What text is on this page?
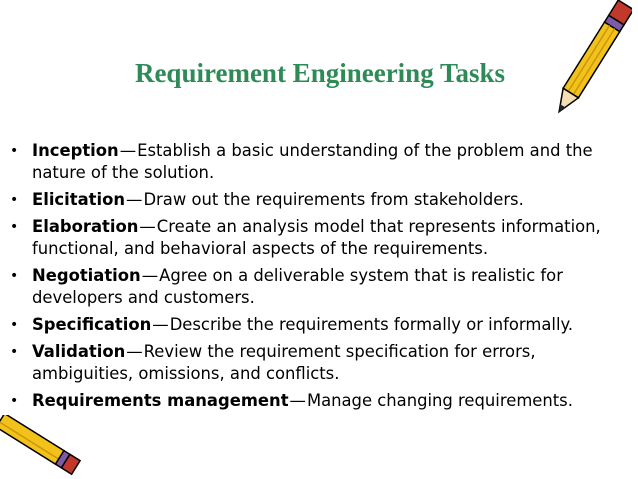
Requirement Engineering Tasks
• Inception—Establish a basic understanding of the problem and the nature of the solution.
• Elicitation—Draw out the requirements from stakeholders.
• Elaboration—Create an analysis model that represents information, functional, and behavioral aspects of the requirements.
• Negotiation—Agree on a deliverable system that is realistic for developers and customers.
• Specification—Describe the requirements formally or informally.
• Validation—Review the requirement specification for errors, ambiguities, omissions, and conflicts.
• Requirements management—Manage changing requirements.
